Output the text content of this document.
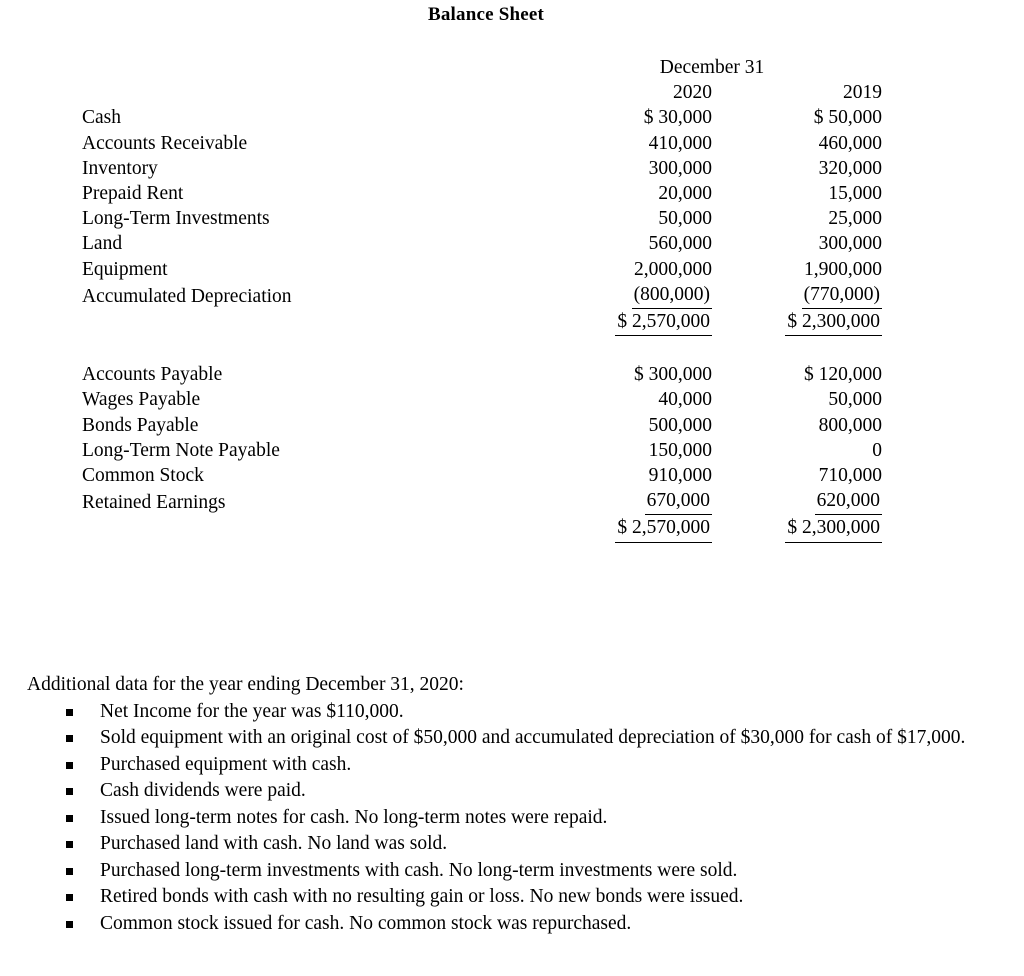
Balance Sheet
	December 31	
	2020	2019
Cash	$ 30,000	$ 50,000
Accounts Receivable	410,000	460,000
Inventory	300,000	320,000
Prepaid Rent	20,000	15,000
Long-Term Investments	50,000	25,000
Land	560,000	300,000
Equipment	2,000,000	1,900,000
Accumulated Depreciation	(800,000)	(770,000)
	$ 2,570,000	$ 2,300,000

Accounts Payable	$ 300,000	$ 120,000
Wages Payable	40,000	50,000
Bonds Payable	500,000	800,000
Long-Term Note Payable	150,000	0
Common Stock	910,000	710,000
Retained Earnings	670,000	620,000
	$ 2,570,000	$ 2,300,000

Additional data for the year ending December 31, 2020:

Net Income for the year was $110,000.
Sold equipment with an original cost of $50,000 and accumulated depreciation of $30,000 for cash of $17,000.
Purchased equipment with cash.
Cash dividends were paid.
Issued long-term notes for cash. No long-term notes were repaid.
Purchased land with cash. No land was sold.
Purchased long-term investments with cash. No long-term investments were sold.
Retired bonds with cash with no resulting gain or loss. No new bonds were issued.
Common stock issued for cash. No common stock was repurchased.
